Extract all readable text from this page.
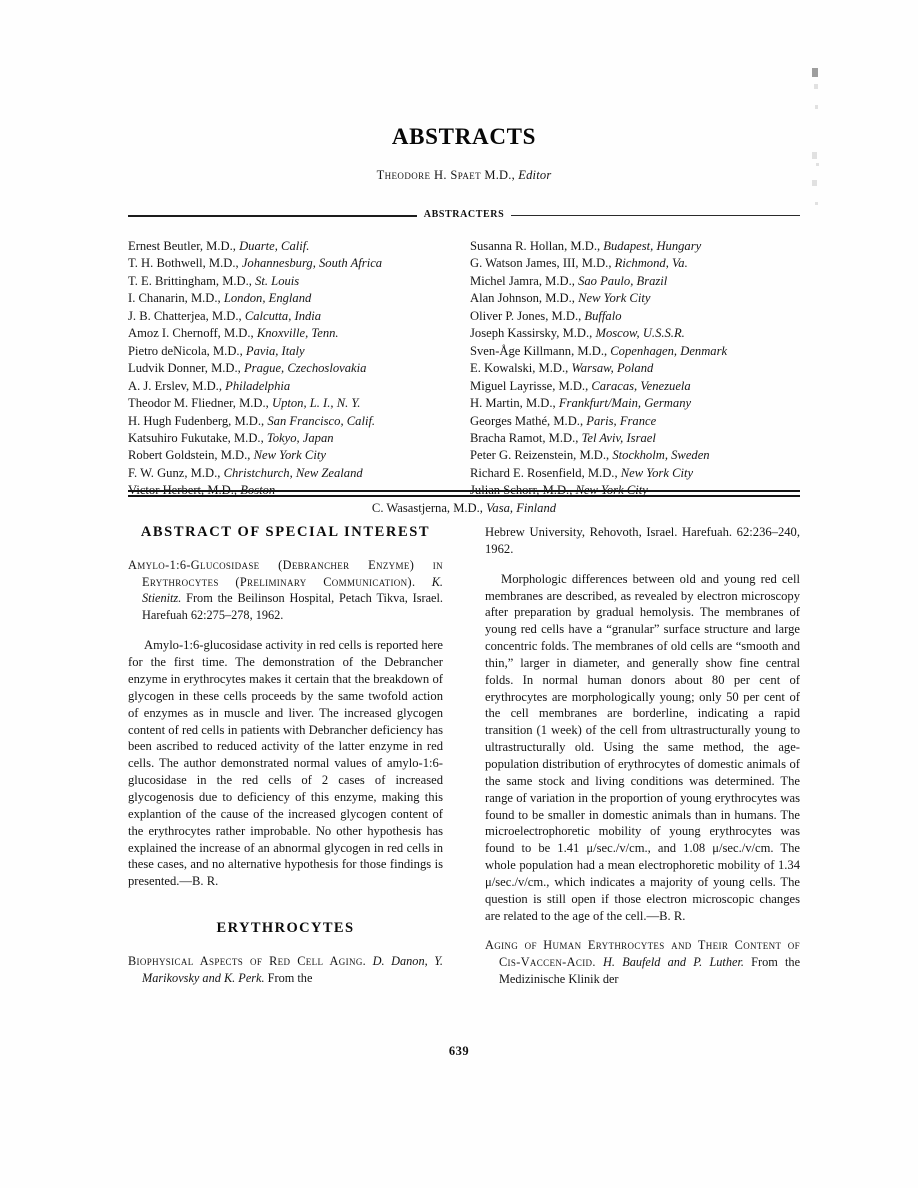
ABSTRACTS
Theodore H. Spaet M.D., Editor
ABSTRACTERS
Ernest Beutler, M.D., Duarte, Calif.
T. H. Bothwell, M.D., Johannesburg, South Africa
T. E. Brittingham, M.D., St. Louis
I. Chanarin, M.D., London, England
J. B. Chatterjea, M.D., Calcutta, India
Amoz I. Chernoff, M.D., Knoxville, Tenn.
Pietro deNicola, M.D., Pavia, Italy
Ludvik Donner, M.D., Prague, Czechoslovakia
A. J. Erslev, M.D., Philadelphia
Theodor M. Fliedner, M.D., Upton, L. I., N. Y.
H. Hugh Fudenberg, M.D., San Francisco, Calif.
Katsuhiro Fukutake, M.D., Tokyo, Japan
Robert Goldstein, M.D., New York City
F. W. Gunz, M.D., Christchurch, New Zealand
Susanna R. Hollan, M.D., Budapest, Hungary
G. Watson James, III, M.D., Richmond, Va.
Michel Jamra, M.D., Sao Paulo, Brazil
Alan Johnson, M.D., New York City
Oliver P. Jones, M.D., Buffalo
Joseph Kassirsky, M.D., Moscow, U.S.S.R.
Sven-Åge Killmann, M.D., Copenhagen, Denmark
E. Kowalski, M.D., Warsaw, Poland
Miguel Layrisse, M.D., Caracas, Venezuela
H. Martin, M.D., Frankfurt/Main, Germany
Georges Mathé, M.D., Paris, France
Bracha Ramot, M.D., Tel Aviv, Israel
Peter G. Reizenstein, M.D., Stockholm, Sweden
Richard E. Rosenfield, M.D., New York City
C. Wasastjerna, M.D., Vasa, Finland
ABSTRACT OF SPECIAL INTEREST

Amylo-1:6-Glucosidase (Debrancher Enzyme) in Erythrocytes (Preliminary Communication). K. Stienitz. From the Beilinson Hospital, Petach Tikva, Israel. Harefuah 62:275–278, 1962.

Amylo-1:6-glucosidase activity in red cells is reported here for the first time. The demonstration of the Debrancher enzyme in erythrocytes makes it certain that the breakdown of glycogen in these cells proceeds by the same twofold action of enzymes as in muscle and liver. The increased glycogen content of red cells in patients with Debrancher deficiency has been ascribed to reduced activity of the latter enzyme in red cells. The author demonstrated normal values of amylo-1:6-glucosidase in the red cells of 2 cases of increased glycogenosis due to deficiency of this enzyme, making this explantion of the cause of the increased glycogen content of the erythrocytes rather improbable. No other hypothesis has explained the increase of an abnormal glycogen in red cells in these cases, and no alternative hypothesis for those findings is presented.—B. R.

ERYTHROCYTES

Biophysical Aspects of Red Cell Aging. D. Danon, Y. Marikovsky and K. Perk. From the

Hebrew University, Rehovoth, Israel. Harefuah. 62:236–240, 1962.

Morphologic differences between old and young red cell membranes are described, as revealed by electron microscopy after preparation by gradual hemolysis. The membranes of young red cells have a “granular” surface structure and large concentric folds. The membranes of old cells are “smooth and thin,” larger in diameter, and generally show fine central folds. In normal human donors about 80 per cent of erythrocytes are morphologically young; only 50 per cent of the cell membranes are borderline, indicating a rapid transition (1 week) of the cell from ultrastructurally young to ultrastructurally old. Using the same method, the age-population distribution of erythrocytes of domestic animals of the same stock and living conditions was determined. The range of variation in the proportion of young erythrocytes was found to be smaller in domestic animals than in humans. The microelectrophoretic mobility of young erythrocytes was found to be 1.41 μ/sec./v/cm., and 1.08 μ/sec./v/cm. The whole population had a mean electrophoretic mobility of 1.34 μ/sec./v/cm., which indicates a majority of young cells. The question is still open if those electron microscopic changes are related to the age of the cell.—B. R.

Aging of Human Erythrocytes and Their Content of Cis-Vaccen-Acid. H. Baufeld and P. Luther. From the Medizinische Klinik der

639
